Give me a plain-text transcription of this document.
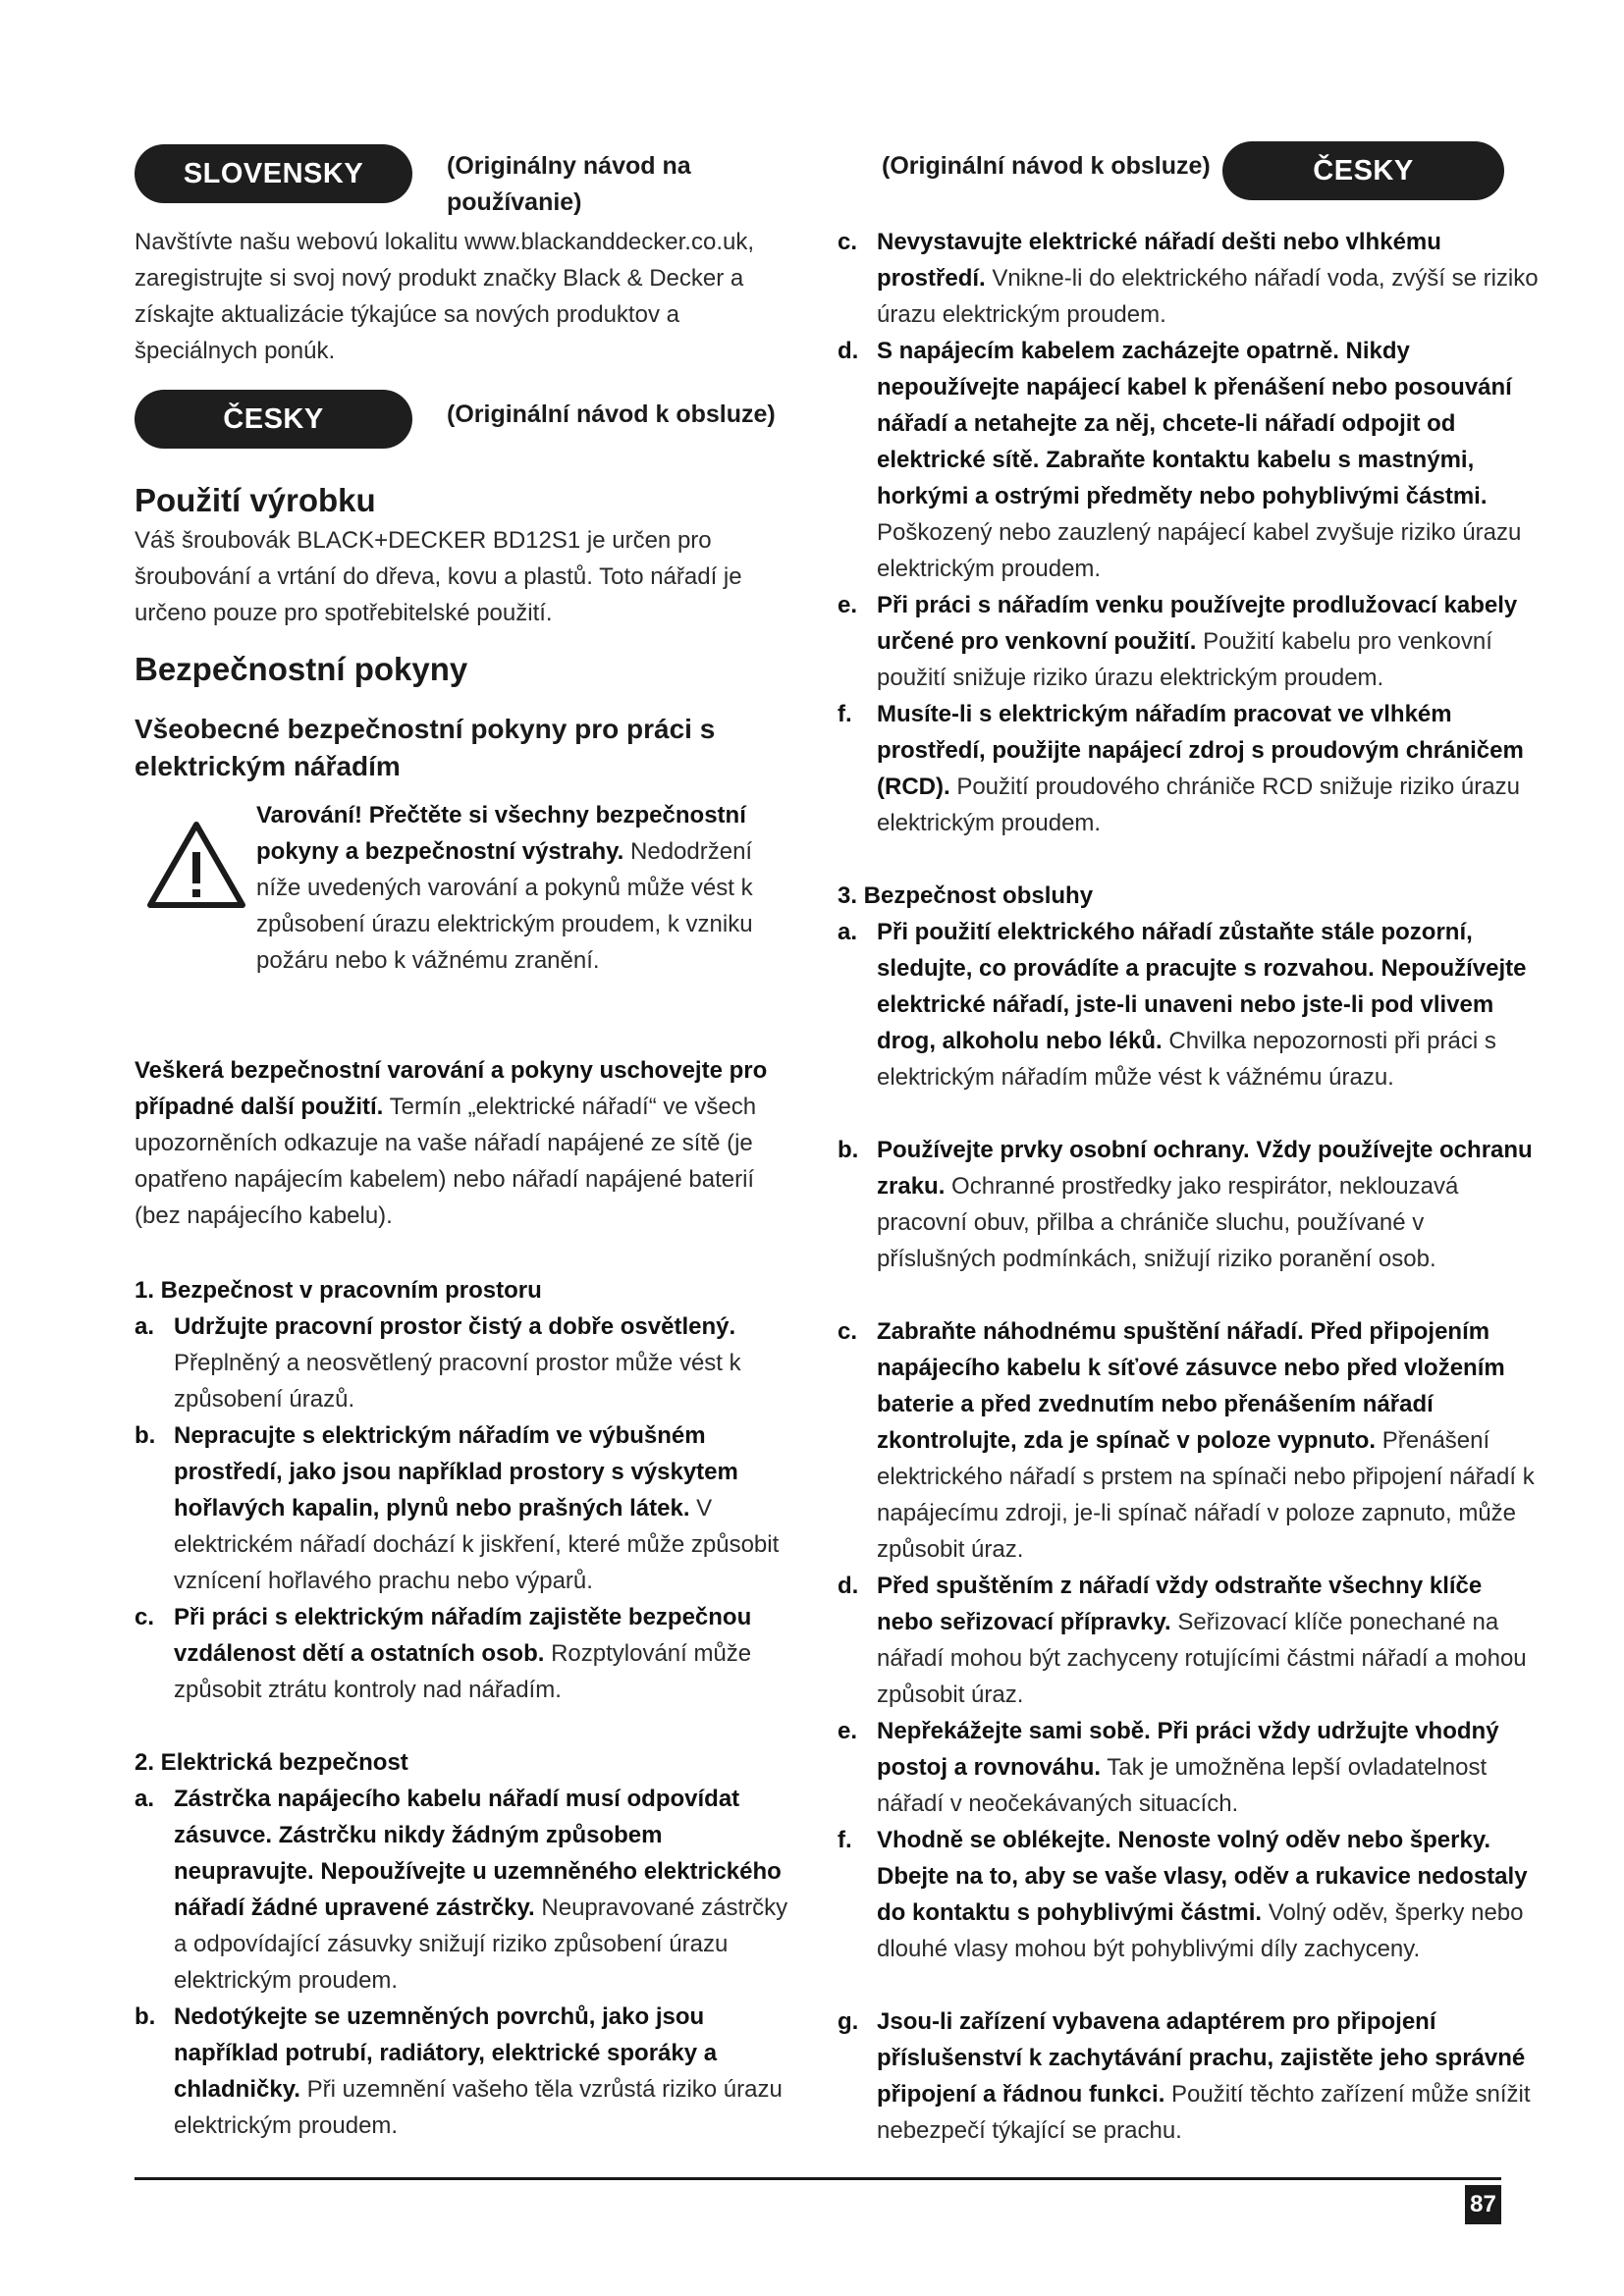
SLOVENSKY	(Originálny návod na používanie)
Navštívte našu webovú lokalitu www.blackanddecker.co.uk, zaregistrujte si svoj nový produkt značky Black & Decker a získajte aktualizácie týkajúce sa nových produktov a špeciálnych ponúk.
ČESKY	(Originální návod k obsluze)
Použití výrobku
Váš šroubovák BLACK+DECKER BD12S1 je určen pro šroubování a vrtání do dřeva, kovu a plastů. Toto nářadí je určeno pouze pro spotřebitelské použití.
Bezpečnostní pokyny
Všeobecné bezpečnostní pokyny pro práci s elektrickým nářadím
Varování! Přečtěte si všechny bezpečnostní pokyny a bezpečnostní výstrahy. Nedodržení níže uvedených varování a pokynů může vést k způsobení úrazu elektrickým proudem, k vzniku požáru nebo k vážnému zranění.
Veškerá bezpečnostní varování a pokyny uschovejte pro případné další použití. Termín „elektrické nářadí“ ve všech upozorněních odkazuje na vaše nářadí napájené ze sítě (je opatřeno napájecím kabelem) nebo nářadí napájené baterií (bez napájecího kabelu).
1. Bezpečnost v pracovním prostoru
a. Udržujte pracovní prostor čistý a dobře osvětlený. Přeplněný a neosvětlený pracovní prostor může vést k způsobení úrazů.
b. Nepracujte s elektrickým nářadím ve výbušném prostředí, jako jsou například prostory s výskytem hořlavých kapalin, plynů nebo prašných látek. V elektrickém nářadí dochází k jiskření, které může způsobit vznícení hořlavého prachu nebo výparů.
c. Při práci s elektrickým nářadím zajistěte bezpečnou vzdálenost dětí a ostatních osob. Rozptylování může způsobit ztrátu kontroly nad nářadím.
2. Elektrická bezpečnost
a. Zástrčka napájecího kabelu nářadí musí odpovídat zásuvce. Zástrčku nikdy žádným způsobem neupravujte. Nepoužívejte u uzemněného elektrického nářadí žádné upravené zástrčky. Neupravované zástrčky a odpovídající zásuvky snižují riziko způsobení úrazu elektrickým proudem.
b. Nedotýkejte se uzemněných povrchů, jako jsou například potrubí, radiátory, elektrické sporáky a chladničky. Při uzemnění vašeho těla vzrůstá riziko úrazu elektrickým proudem.
(Originální návod k obsluze)	ČESKY
c. Nevystavujte elektrické nářadí dešti nebo vlhkému prostředí. Vnikne-li do elektrického nářadí voda, zvýší se riziko úrazu elektrickým proudem.
d. S napájecím kabelem zacházejte opatrně. Nikdy nepoužívejte napájecí kabel k přenášení nebo posouvání nářadí a netahejte za něj, chcete-li nářadí odpojit od elektrické sítě. Zabraňte kontaktu kabelu s mastnými, horkými a ostrými předměty nebo pohyblivými částmi. Poškozený nebo zauzlený napájecí kabel zvyšuje riziko úrazu elektrickým proudem.
e. Při práci s nářadím venku používejte prodlužovací kabely určené pro venkovní použití. Použití kabelu pro venkovní použití snižuje riziko úrazu elektrickým proudem.
f. Musíte-li s elektrickým nářadím pracovat ve vlhkém prostředí, použijte napájecí zdroj s proudovým chráničem (RCD). Použití proudového chrániče RCD snižuje riziko úrazu elektrickým proudem.
3. Bezpečnost obsluhy
a. Při použití elektrického nářadí zůstaňte stále pozorní, sledujte, co provádíte a pracujte s rozvahou. Nepoužívejte elektrické nářadí, jste-li unaveni nebo jste-li pod vlivem drog, alkoholu nebo léků. Chvilka nepozornosti při práci s elektrickým nářadím může vést k vážnému úrazu.
b. Používejte prvky osobní ochrany. Vždy používejte ochranu zraku. Ochranné prostředky jako respirátor, neklouzavá pracovní obuv, přilba a chrániče sluchu, používané v příslušných podmínkách, snižují riziko poranění osob.
c. Zabraňte náhodnému spuštění nářadí. Před připojením napájecího kabelu k síťové zásuvce nebo před vložením baterie a před zvednutím nebo přenášením nářadí zkontrolujte, zda je spínač v poloze vypnuto. Přenášení elektrického nářadí s prstem na spínači nebo připojení nářadí k napájecímu zdroji, je-li spínač nářadí v poloze zapnuto, může způsobit úraz.
d. Před spuštěním z nářadí vždy odstraňte všechny klíče nebo seřizovací přípravky. Seřizovací klíče ponechané na nářadí mohou být zachyceny rotujícími částmi nářadí a mohou způsobit úraz.
e. Nepřekážejte sami sobě. Při práci vždy udržujte vhodný postoj a rovnováhu. Tak je umožněna lepší ovladatelnost nářadí v neočekávaných situacích.
f. Vhodně se oblékejte. Nenoste volný oděv nebo šperky. Dbejte na to, aby se vaše vlasy, oděv a rukavice nedostaly do kontaktu s pohyblivými částmi. Volný oděv, šperky nebo dlouhé vlasy mohou být pohyblivými díly zachyceny.
g. Jsou-li zařízení vybavena adaptérem pro připojení příslušenství k zachytávání prachu, zajistěte jeho správné připojení a řádnou funkci. Použití těchto zařízení může snížit nebezpečí týkající se prachu.
87
